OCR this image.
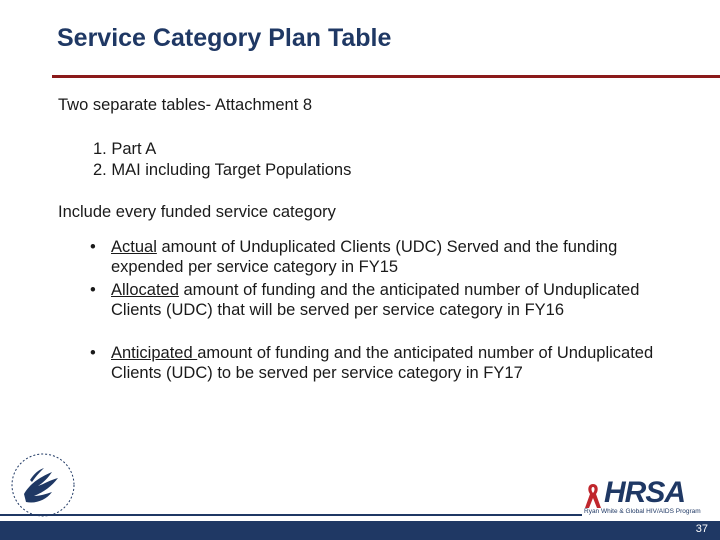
Service Category Plan Table
Two separate tables- Attachment 8
1. Part A
2. MAI including Target Populations
Include every funded service category
• Actual amount of Unduplicated Clients (UDC) Served and the funding expended per service category in FY15
• Allocated amount of funding and the anticipated number of Unduplicated Clients (UDC) that will be served per service category in FY16
• Anticipated amount of funding and the anticipated number of Unduplicated Clients (UDC) to be served per service category in FY17
HRSA
Ryan White & Global HIV/AIDS Program
37
